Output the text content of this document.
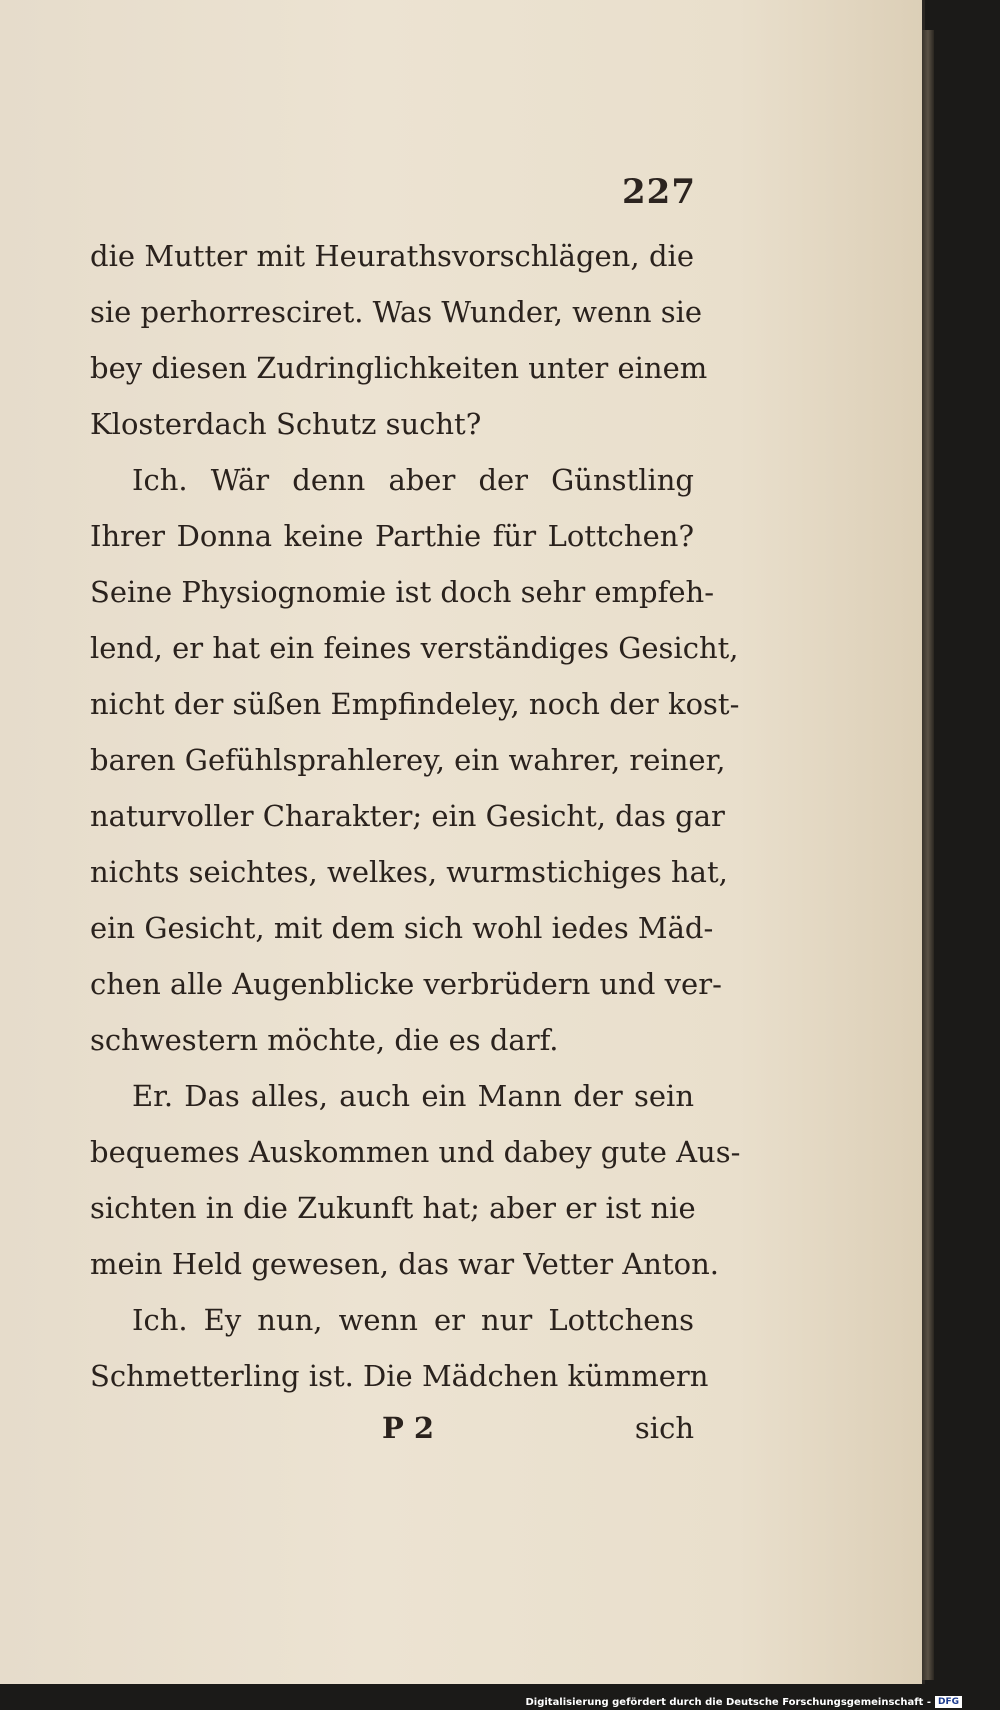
227
die Mutter mit Heurathsvorschlägen, die
sie perhorresciret. Was Wunder, wenn sie
bey diesen Zudringlichkeiten unter einem
Klosterdach Schutz sucht?
Ich. Wär denn aber der Günstling
Ihrer Donna keine Parthie für Lottchen?
Seine Physiognomie ist doch sehr empfeh-
lend, er hat ein feines verständiges Gesicht,
nicht der süßen Empfindeley, noch der kost-
baren Gefühlsprahlerey, ein wahrer, reiner,
naturvoller Charakter; ein Gesicht, das gar
nichts seichtes, welkes, wurmstichiges hat,
ein Gesicht, mit dem sich wohl iedes Mäd-
chen alle Augenblicke verbrüdern und ver-
schwestern möchte, die es darf.
Er. Das alles, auch ein Mann der sein
bequemes Auskommen und dabey gute Aus-
sichten in die Zukunft hat; aber er ist nie
mein Held gewesen, das war Vetter Anton.
Ich. Ey nun, wenn er nur Lottchens
Schmetterling ist. Die Mädchen kümmern
P 2	sich
Digitalisierung gefördert durch die Deutsche Forschungsgemeinschaft - DFG
